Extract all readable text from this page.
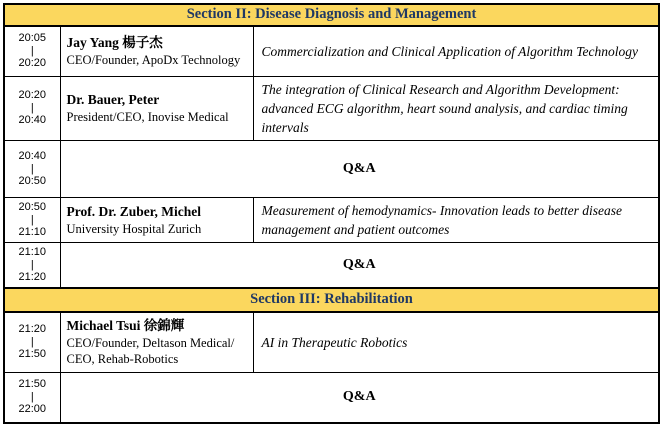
Section II: Disease Diagnosis and Management		

20:05
|
20:20

Jay Yang 楊子杰
CEO/Founder, ApoDx Technology
	Commercialization and Clinical Application of Algorithm Technology

20:20
|
20:40

Dr. Bauer, Peter
President/CEO, Inovise Medical
	The integration of Clinical Research and Algorithm Development: advanced ECG algorithm, heart sound analysis, and cardiac timing intervals

20:40
|
20:50	Q&A	

20:50
|
21:10

Prof. Dr. Zuber, Michel
University Hospital Zurich
	Measurement of hemodynamics- Innovation leads to better disease management and patient outcomes

21:10
|
21:20	Q&A	
Section III: Rehabilitation		

21:20
|
21:50

Michael Tsui 徐錦輝
CEO/Founder, Deltason Medical/ CEO, Rehab-Robotics
	AI in Therapeutic Robotics

21:50
|
22:00	Q&A	
